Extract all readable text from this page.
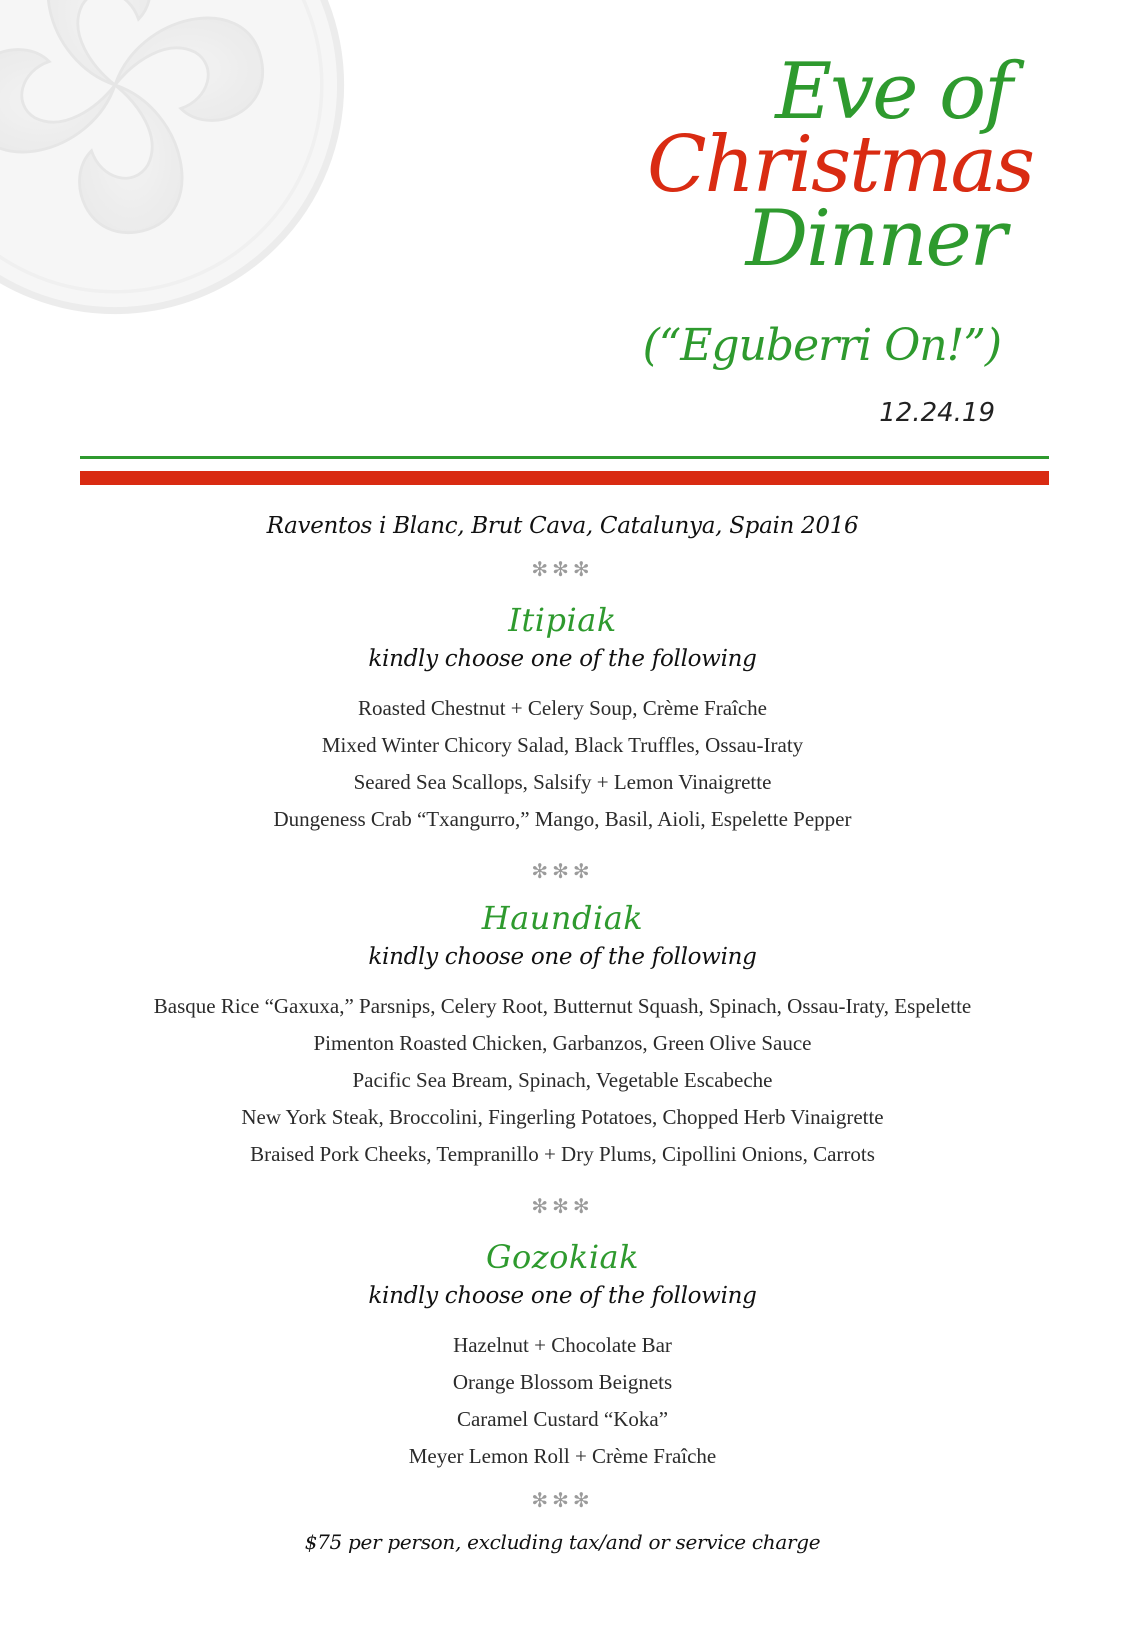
Eve of
Christmas
Dinner
(“Eguberri On!”)
12.24.19
Raventos i Blanc, Brut Cava, Catalunya, Spain 2016
✻✻✻
Itipiak
kindly choose one of the following
Roasted Chestnut + Celery Soup, Crème Fraîche
Mixed Winter Chicory Salad, Black Truffles, Ossau-Iraty
Seared Sea Scallops, Salsify + Lemon Vinaigrette
Dungeness Crab “Txangurro,” Mango, Basil, Aioli, Espelette Pepper
✻✻✻
Haundiak
kindly choose one of the following
Basque Rice “Gaxuxa,” Parsnips, Celery Root, Butternut Squash, Spinach, Ossau-Iraty, Espelette
Pimenton Roasted Chicken, Garbanzos, Green Olive Sauce
Pacific Sea Bream, Spinach, Vegetable Escabeche
New York Steak, Broccolini, Fingerling Potatoes, Chopped Herb Vinaigrette
Braised Pork Cheeks, Tempranillo + Dry Plums, Cipollini Onions, Carrots
✻✻✻
Gozokiak
kindly choose one of the following
Hazelnut + Chocolate Bar
Orange Blossom Beignets
Caramel Custard “Koka”
Meyer Lemon Roll + Crème Fraîche
✻✻✻
$75 per person, excluding tax/and or service charge
